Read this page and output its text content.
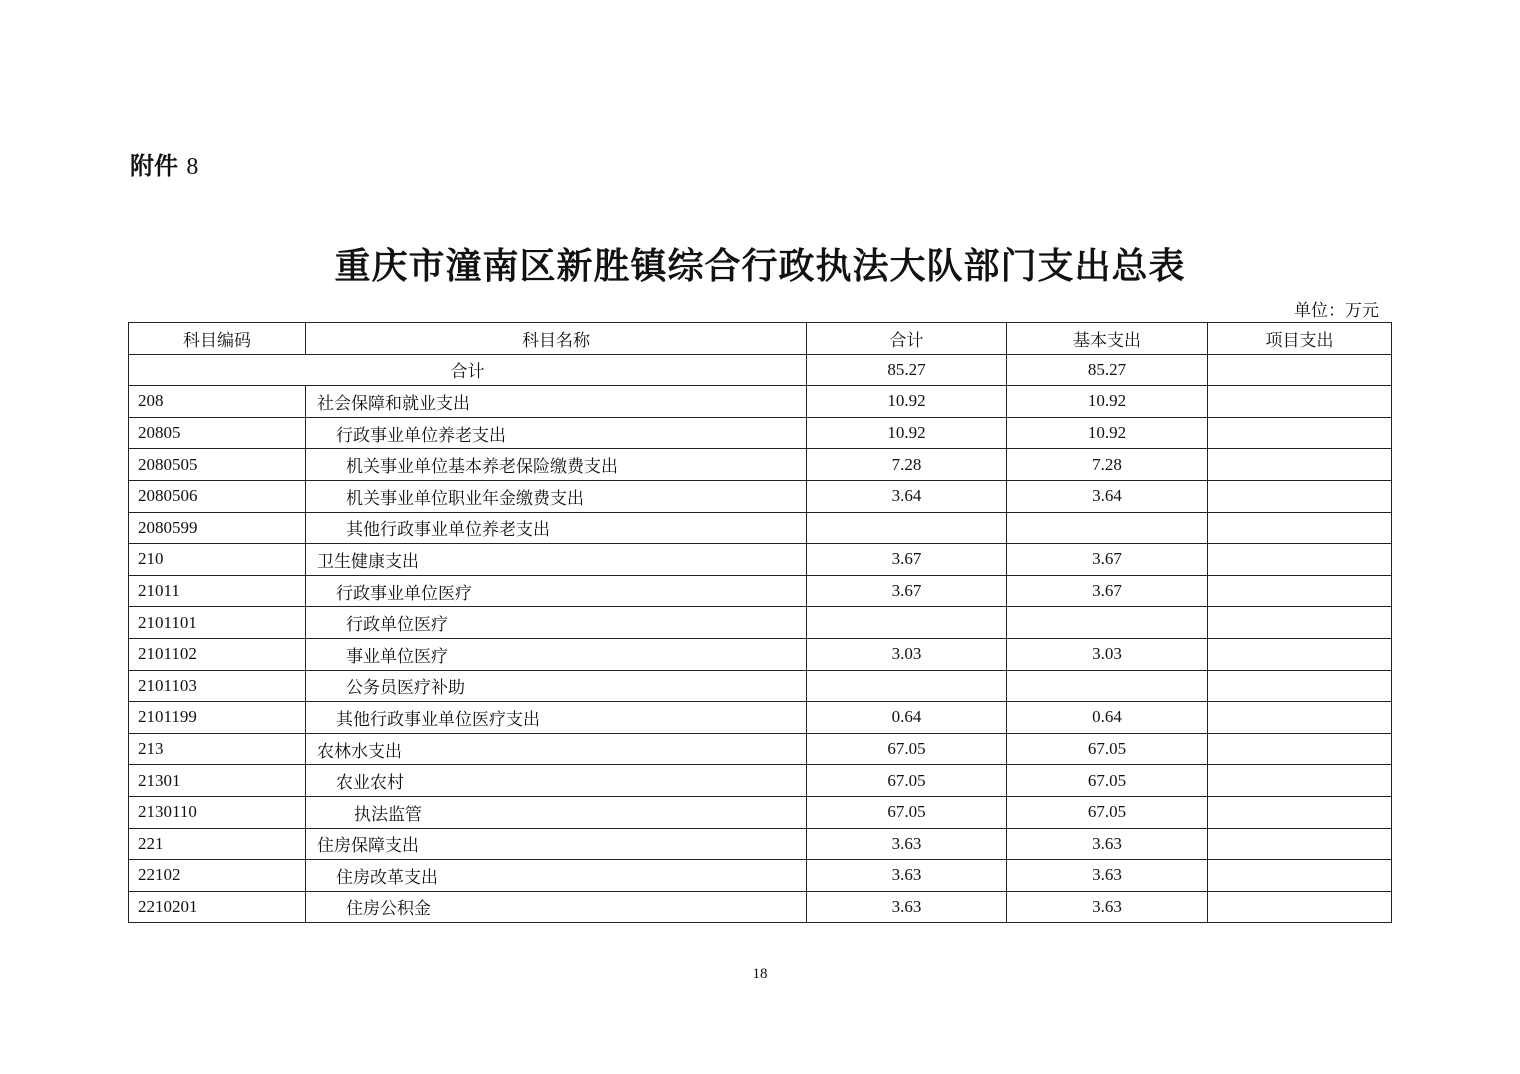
附件 8
重庆市潼南区新胜镇综合行政执法大队部门支出总表
单位：万元
科目编码	科目名称	合计	基本支出	项目支出
合计		85.27	85.27	
208	社会保障和就业支出	10.92	10.92	
20805	行政事业单位养老支出	10.92	10.92	
2080505	机关事业单位基本养老保险缴费支出	7.28	7.28	
2080506	机关事业单位职业年金缴费支出	3.64	3.64	
2080599	其他行政事业单位养老支出			
210	卫生健康支出	3.67	3.67	
21011	行政事业单位医疗	3.67	3.67	
2101101	行政单位医疗			
2101102	事业单位医疗	3.03	3.03	
2101103	公务员医疗补助			
2101199	其他行政事业单位医疗支出	0.64	0.64	
213	农林水支出	67.05	67.05	
21301	农业农村	67.05	67.05	
2130110	执法监管	67.05	67.05	
221	住房保障支出	3.63	3.63	
22102	住房改革支出	3.63	3.63	
2210201	住房公积金	3.63	3.63	
18
